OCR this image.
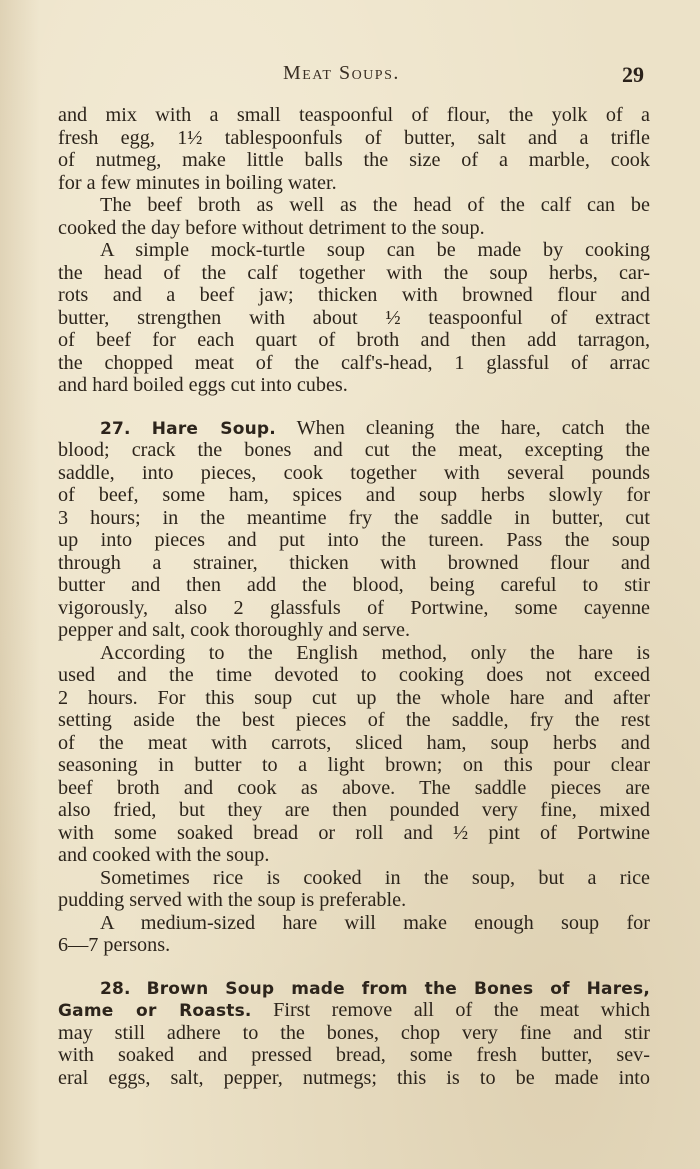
Meat Soups.	29
and mix with a small teaspoonful of flour, the yolk of a
fresh egg, 1½ tablespoonfuls of butter, salt and a trifle
of nutmeg, make little balls the size of a marble, cook
for a few minutes in boiling water.
The beef broth as well as the head of the calf can be
cooked the day before without detriment to the soup.
A simple mock-turtle soup can be made by cooking
the head of the calf together with the soup herbs, car-
rots and a beef jaw; thicken with browned flour and
butter, strengthen with about ½ teaspoonful of extract
of beef for each quart of broth and then add tarragon,
the chopped meat of the calf's-head, 1 glassful of arrac
and hard boiled eggs cut into cubes.
27. Hare Soup. When cleaning the hare, catch the
blood; crack the bones and cut the meat, excepting the
saddle, into pieces, cook together with several pounds
of beef, some ham, spices and soup herbs slowly for
3 hours; in the meantime fry the saddle in butter, cut
up into pieces and put into the tureen. Pass the soup
through a strainer, thicken with browned flour and
butter and then add the blood, being careful to stir
vigorously, also 2 glassfuls of Portwine, some cayenne
pepper and salt, cook thoroughly and serve.
According to the English method, only the hare is
used and the time devoted to cooking does not exceed
2 hours. For this soup cut up the whole hare and after
setting aside the best pieces of the saddle, fry the rest
of the meat with carrots, sliced ham, soup herbs and
seasoning in butter to a light brown; on this pour clear
beef broth and cook as above. The saddle pieces are
also fried, but they are then pounded very fine, mixed
with some soaked bread or roll and ½ pint of Portwine
and cooked with the soup.
Sometimes rice is cooked in the soup, but a rice
pudding served with the soup is preferable.
A medium-sized hare will make enough soup for
6—7 persons.
28. Brown Soup made from the Bones of Hares,
Game or Roasts. First remove all of the meat which
may still adhere to the bones, chop very fine and stir
with soaked and pressed bread, some fresh butter, sev-
eral eggs, salt, pepper, nutmegs; this is to be made into
